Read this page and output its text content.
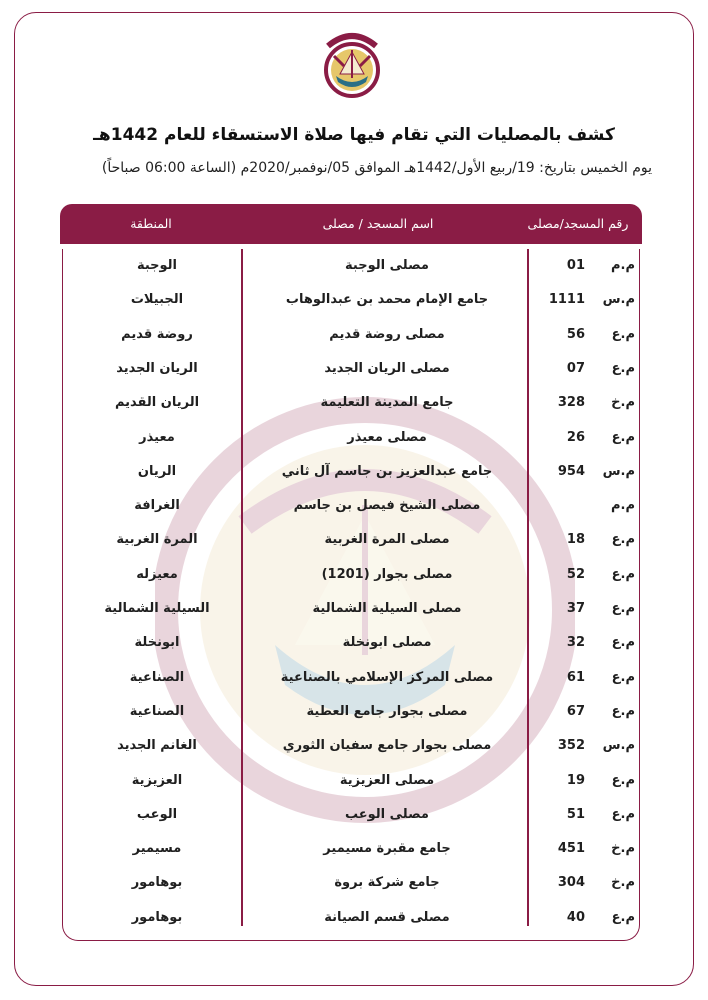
كشف بالمصليات التي تقام فيها صلاة الاستسقاء للعام 1442هـ
يوم الخميس بتاريخ: 19/ربيع الأول/1442هـ الموافق 05/نوفمبر/2020م (الساعة 06:00 صباحاً)
رقم المسجد/مصلى
اسم المسجد / مصلى
المنطقة
م.م
01
مصلى الوجبة
الوجبة
م.س
1111
جامع الإمام محمد بن عبدالوهاب
الجبيلات
م.ع
56
مصلى روضة قديم
روضة قديم
م.ع
07
مصلى الريان الجديد
الريان الجديد
م.خ
328
جامع المدينة التعليمة
الريان القديم
م.ع
26
مصلى معيذر
معيذر
م.س
954
جامع عبدالعزيز بن جاسم آل ثاني
الريان
م.م
مصلى الشيخ فيصل بن جاسم
الغرافة
م.ع
18
مصلى المرة الغربية
المرة الغربية
م.ع
52
مصلى بجوار (1201)
معيزله
م.ع
37
مصلى السيلية الشمالية
السيلية الشمالية
م.ع
32
مصلى ابونخلة
ابونخلة
م.ع
61
مصلى المركز الإسلامي بالصناعية
الصناعية
م.ع
67
مصلى بجوار جامع العطية
الصناعية
م.س
352
مصلى بجوار جامع سفيان الثوري
الغانم الجديد
م.ع
19
مصلى العزيزية
العزيزية
م.ع
51
مصلى الوعب
الوعب
م.خ
451
جامع مقبرة مسيمير
مسيمير
م.خ
304
جامع شركة بروة
بوهامور
م.ع
40
مصلى قسم الصيانة
بوهامور
